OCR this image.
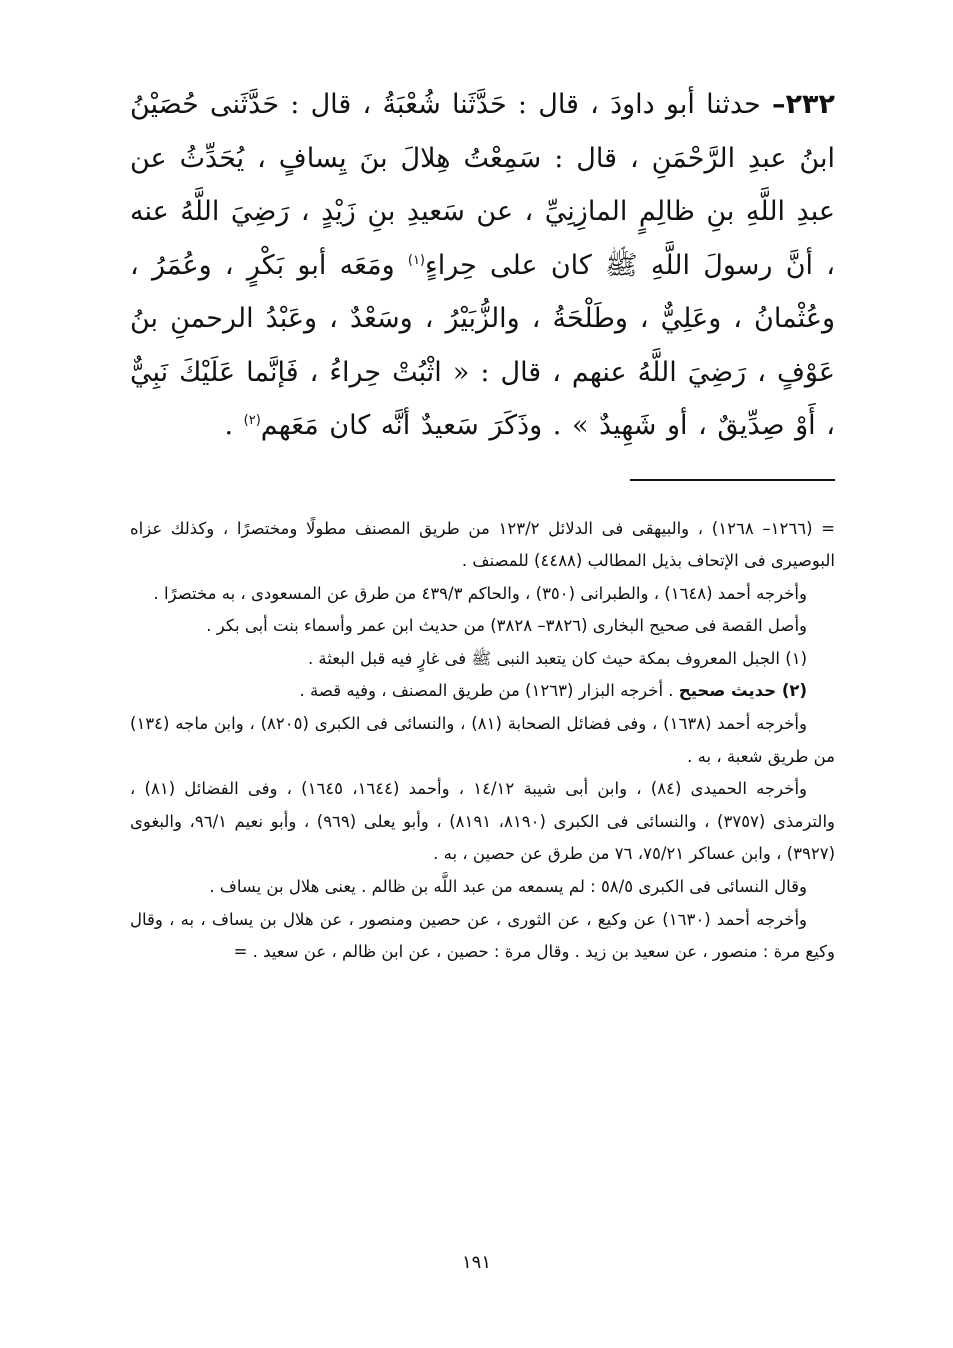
٢٣٢– حدثنا أبو داودَ ، قال : حَدَّثَنا شُعْبَةُ ، قال : حَدَّثَنى حُصَيْنُ ابنُ عبدِ الرَّحْمَنِ ، قال : سَمِعْتُ هِلالَ بنَ يِسافٍ ، يُحَدِّثُ عن عبدِ اللَّهِ بنِ ظالِمٍ المازِنِيِّ ، عن سَعيدِ بنِ زَيْدٍ ، رَضِيَ اللَّهُ عنه ، أنَّ رسولَ اللَّهِ ﷺ كان على حِراءٍ$^{(١)}$ ومَعَه أبو بَكْرٍ ، وعُمَرُ ، وعُثْمانُ ، وعَلِيٌّ ، وطَلْحَةُ ، والزُّبَيْرُ ، وسَعْدٌ ، وعَبْدُ الرحمنِ بنُ عَوْفٍ ، رَضِيَ اللَّهُ عنهم ، قال : « اثْبُتْ حِراءُ ، فَإنَّما عَلَيْكَ نَبِيٌّ ، أَوْ صِدِّيقٌ ، أو شَهِيدٌ » . وذَكَرَ سَعيدٌ أنَّه كان مَعَهم$^{(٢)}$ .

= (١٢٦٦– ١٢٦٨) ، والبيهقى فى الدلائل ١٢٣/٢ من طريق المصنف مطولًا ومختصرًا ، وكذلك عزاه البوصيرى فى الإتحاف بذيل المطالب (٤٤٨٨) للمصنف .

وأخرجه أحمد (١٦٤٨) ، والطبرانى (٣٥٠) ، والحاكم ٤٣٩/٣ من طرق عن المسعودى ، به مختصرًا .

وأصل القصة فى صحيح البخارى (٣٨٢٦– ٣٨٢٨) من حديث ابن عمر وأسماء بنت أبى بكر .

(١) الجبل المعروف بمكة حيث كان يتعبد النبى ﷺ فى غارٍ فيه قبل البعثة .

(٢) حديث صحيح . أخرجه البزار (١٢٦٣) من طريق المصنف ، وفيه قصة .

وأخرجه أحمد (١٦٣٨) ، وفى فضائل الصحابة (٨١) ، والنسائى فى الكبرى (٨٢٠٥) ، وابن ماجه (١٣٤) من طريق شعبة ، به .

وأخرجه الحميدى (٨٤) ، وابن أبى شيبة ١٤/١٢ ، وأحمد (١٦٤٤، ١٦٤٥) ، وفى الفضائل (٨١) ، والترمذى (٣٧٥٧) ، والنسائى فى الكبرى (٨١٩٠، ٨١٩١) ، وأبو يعلى (٩٦٩) ، وأبو نعيم ٩٦/١، والبغوى (٣٩٢٧) ، وابن عساكر ٧٥/٢١، ٧٦ من طرق عن حصين ، به .

وقال النسائى فى الكبرى ٥٨/٥ : لم يسمعه من عبد اللَّه بن ظالم . يعنى هلال بن يساف .

وأخرجه أحمد (١٦٣٠) عن وكيع ، عن الثورى ، عن حصين ومنصور ، عن هلال بن يساف ، به ، وقال وكيع مرة : منصور ، عن سعيد بن زيد . وقال مرة : حصين ، عن ابن ظالم ، عن سعيد . =

١٩١
